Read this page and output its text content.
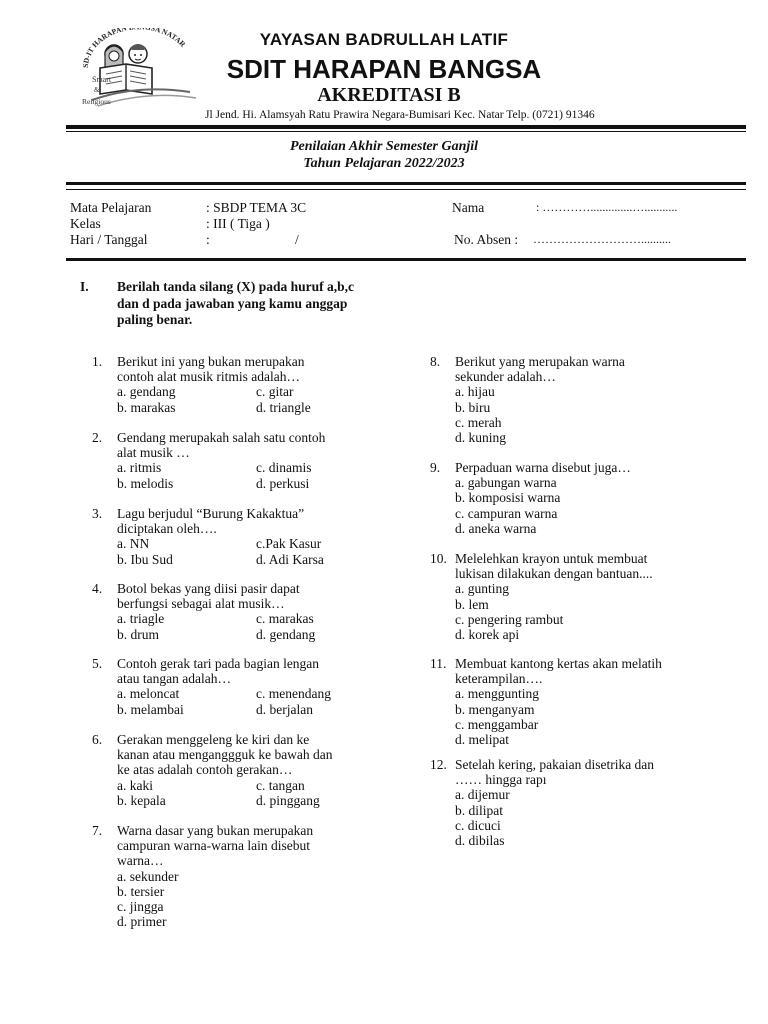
SD-IT HARAPAN SA NATAR
Smart
&
Religious
YAYASAN BADRULLAH LATIF
SDIT HARAPAN BANGSA
AKREDITASI B
Jl Jend. Hi. Alamsyah Ratu Prawira Negara-Bumisari Kec. Natar Telp. (0721) 91346
Penilaian Akhir Semester Ganjil
Tahun Pelajaran 2022/2023
Mata Pelajaran	: SBDP TEMA 3C
Kelas	: III ( Tiga )
Hari / Tanggal	:	/
Nama	: …………..............…...........
No. Absen : ………………………..........
I. Berilah tanda silang (X) pada huruf a,b,c dan d pada jawaban yang kamu anggap paling benar.
1. Berikut ini yang bukan merupakan
contoh alat musik ritmis adalah…
a. gendang	c. gitar
b. marakas	d. triangle
2. Gendang merupakah salah satu contoh
alat musik …
a. ritmis	c. dinamis
b. melodis	d. perkusi
3. Lagu berjudul “Burung Kakaktua”
diciptakan oleh….
a. NN	c.Pak Kasur
b. Ibu Sud	d. Adi Karsa
4. Botol bekas yang diisi pasir dapat
berfungsi sebagai alat musik…
a. triagle	c. marakas
b. drum	d. gendang
5. Contoh gerak tari pada bagian lengan
atau tangan adalah…
a. meloncat	c. menendang
b. melambai	d. berjalan
6. Gerakan menggeleng ke kiri dan ke
kanan atau menganggguk ke bawah dan
ke atas adalah contoh gerakan…
a. kaki	c. tangan
b. kepala	d. pinggang
7. Warna dasar yang bukan merupakan
campuran warna-warna lain disebut
warna…
a. sekunder
b. tersier
c. jingga
d. primer
8. Berikut yang merupakan warna
sekunder adalah…
a. hijau
b. biru
c. merah
d. kuning
9. Perpaduan warna disebut juga…
a. gabungan warna
b. komposisi warna
c. campuran warna
d. aneka warna
10. Melelehkan krayon untuk membuat
lukisan dilakukan dengan bantuan....
a. gunting
b. lem
c. pengering rambut
d. korek api
11. Membuat kantong kertas akan melatih
keterampilan….
a. menggunting
b. menganyam
c. menggambar
d. melipat
12. Setelah kering, pakaian disetrika dan
…… hingga rapı
a. dijemur
b. dilipat
c. dicuci
d. dibilas
